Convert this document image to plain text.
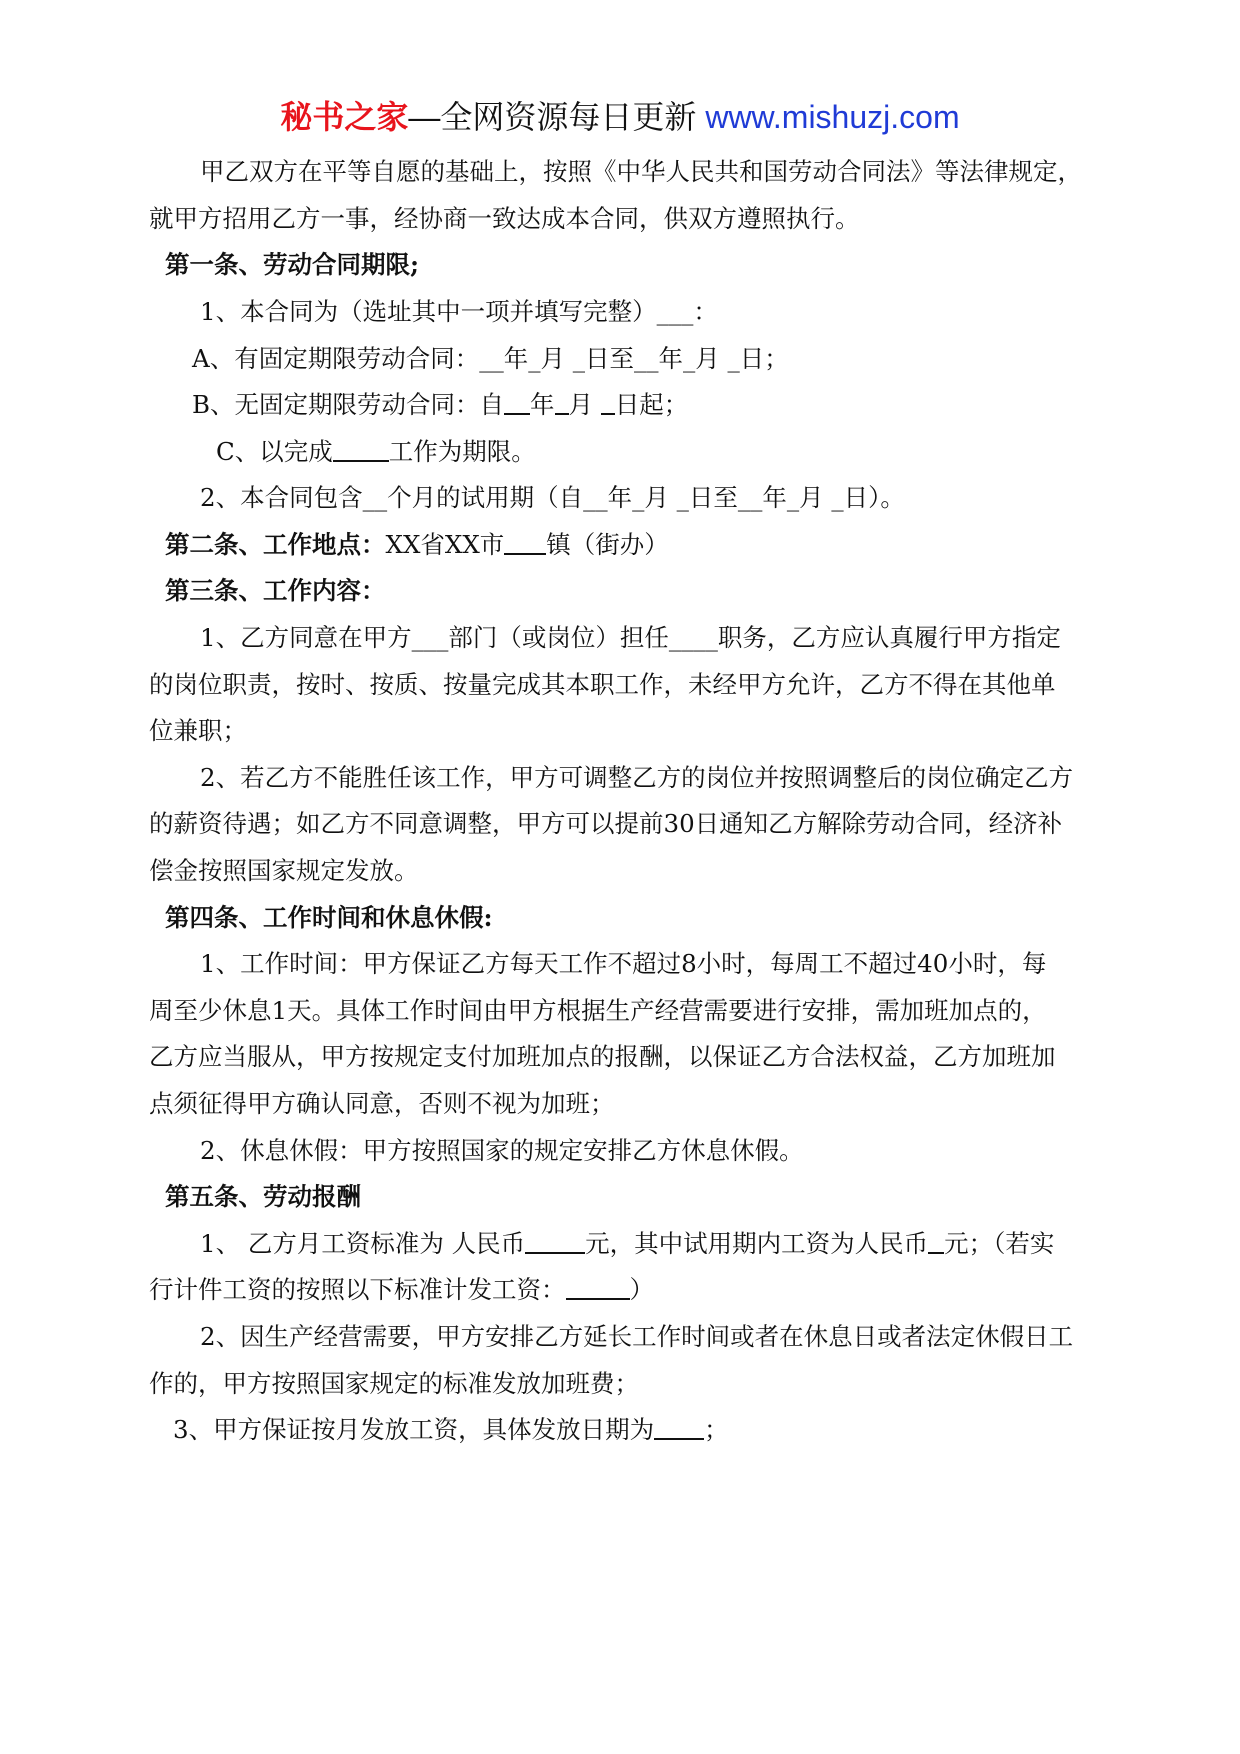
秘书之家—全网资源每日更新 www.mishuzj.com
甲乙双方在平等自愿的基础上，按照《中华人民共和国劳动合同法》等法律规定，
就甲方招用乙方一事，经协商一致达成本合同，供双方遵照执行。
第一条、劳动合同期限;
1、本合同为（选址其中一项并填写完整）___：
A、有固定期限劳动合同：__年_月 _日至__年_月 _日；
B、无固定期限劳动合同：自 年 月 日起；
C、以完成 工作为期限。
2、本合同包含__个月的试用期（自__年_月 _日至__年_月 _日）。
第二条、工作地点：XX省XX市 镇（街办）
第三条、工作内容：
1、乙方同意在甲方___部门（或岗位）担任____职务，乙方应认真履行甲方指定
的岗位职责，按时、按质、按量完成其本职工作，未经甲方允许，乙方不得在其他单
位兼职；
2、若乙方不能胜任该工作，甲方可调整乙方的岗位并按照调整后的岗位确定乙方
的薪资待遇；如乙方不同意调整，甲方可以提前30日通知乙方解除劳动合同，经济补
偿金按照国家规定发放。
第四条、工作时间和休息休假:
1、工作时间：甲方保证乙方每天工作不超过8小时，每周工不超过40小时，每
周至少休息1天。具体工作时间由甲方根据生产经营需要进行安排，需加班加点的，
乙方应当服从，甲方按规定支付加班加点的报酬，以保证乙方合法权益，乙方加班加
点须征得甲方确认同意，否则不视为加班；
2、休息休假：甲方按照国家的规定安排乙方休息休假。
第五条、劳动报酬
1、 乙方月工资标准为 人民币 元，其中试用期内工资为人民币 元；（若实
行计件工资的按照以下标准计发工资：	）
2、因生产经营需要，甲方安排乙方延长工作时间或者在休息日或者法定休假日工
作的，甲方按照国家规定的标准发放加班费；
3、甲方保证按月发放工资，具体发放日期为 ；
